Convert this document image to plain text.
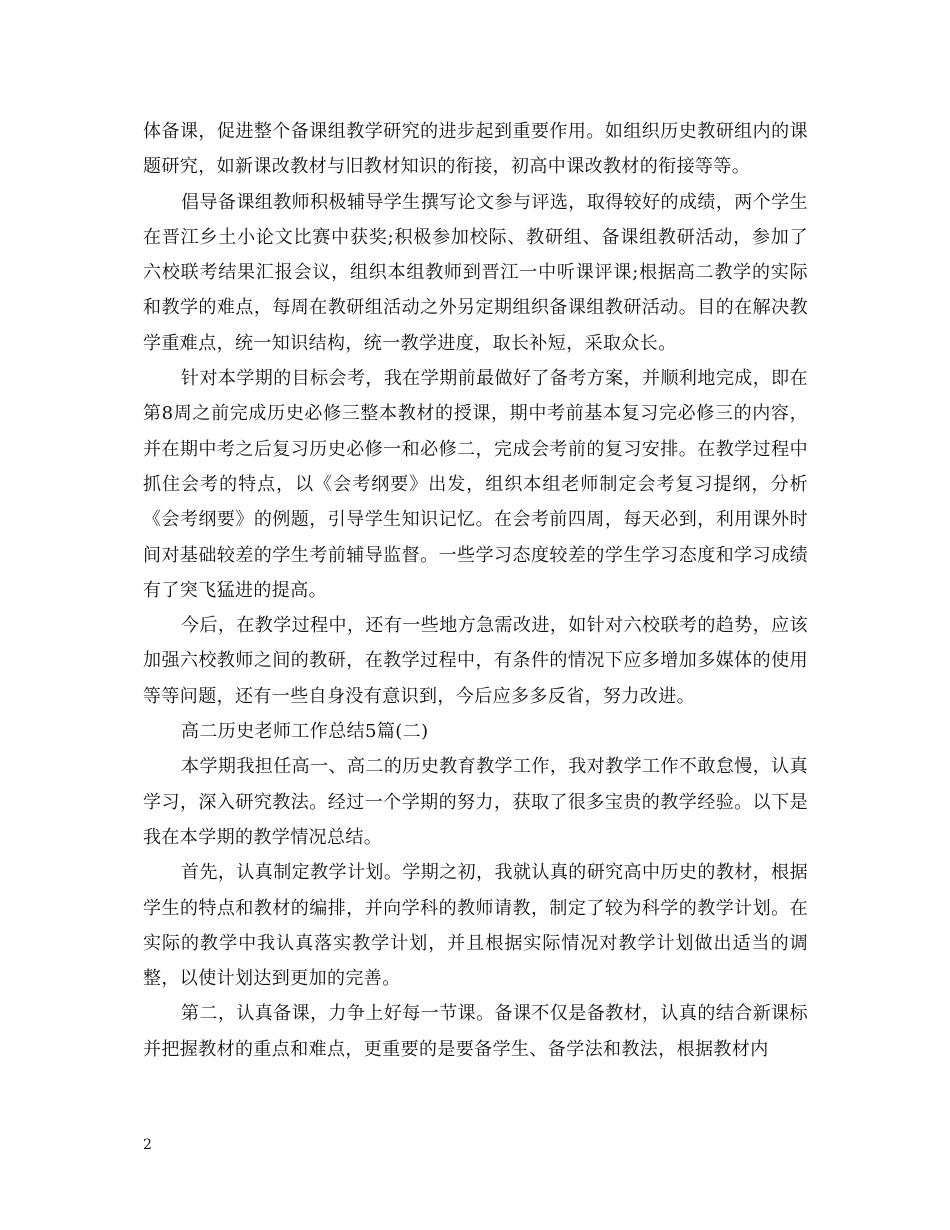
体备课，促进整个备课组教学研究的进步起到重要作用。如组织历史教研组内的课题研究，如新课改教材与旧教材知识的衔接，初高中课改教材的衔接等等。

倡导备课组教师积极辅导学生撰写论文参与评选，取得较好的成绩，两个学生在晋江乡土小论文比赛中获奖;积极参加校际、教研组、备课组教研活动，参加了六校联考结果汇报会议，组织本组教师到晋江一中听课评课;根据高二教学的实际和教学的难点，每周在教研组活动之外另定期组织备课组教研活动。目的在解决教学重难点，统一知识结构，统一教学进度，取长补短，采取众长。

针对本学期的目标会考，我在学期前最做好了备考方案，并顺利地完成，即在第8周之前完成历史必修三整本教材的授课，期中考前基本复习完必修三的内容，并在期中考之后复习历史必修一和必修二，完成会考前的复习安排。在教学过程中抓住会考的特点，以《会考纲要》出发，组织本组老师制定会考复习提纲，分析《会考纲要》的例题，引导学生知识记忆。在会考前四周，每天必到，利用课外时间对基础较差的学生考前辅导监督。一些学习态度较差的学生学习态度和学习成绩有了突飞猛进的提高。

今后，在教学过程中，还有一些地方急需改进，如针对六校联考的趋势，应该加强六校教师之间的教研，在教学过程中，有条件的情况下应多增加多媒体的使用等等问题，还有一些自身没有意识到，今后应多多反省，努力改进。

高二历史老师工作总结5篇(二)

本学期我担任高一、高二的历史教育教学工作，我对教学工作不敢怠慢，认真学习，深入研究教法。经过一个学期的努力，获取了很多宝贵的教学经验。以下是我在本学期的教学情况总结。

首先，认真制定教学计划。学期之初，我就认真的研究高中历史的教材，根据学生的特点和教材的编排，并向学科的教师请教，制定了较为科学的教学计划。在实际的教学中我认真落实教学计划，并且根据实际情况对教学计划做出适当的调整，以使计划达到更加的完善。

第二，认真备课，力争上好每一节课。备课不仅是备教材，认真的结合新课标并把握教材的重点和难点，更重要的是要备学生、备学法和教法，根据教材内

2
